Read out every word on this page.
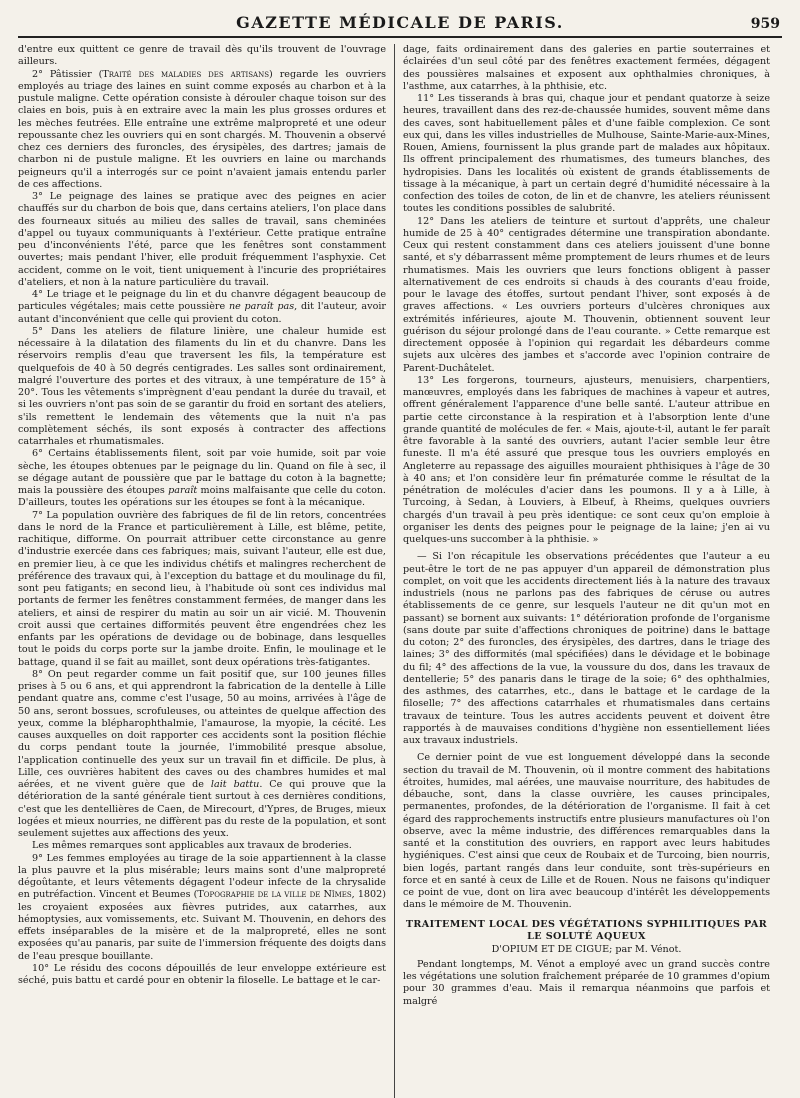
GAZETTE MÉDICALE DE PARIS.	959

d'entre eux quittent ce genre de travail dès qu'ils trouvent de l'ouvrage ailleurs.

2° Pâtissier (Traité des maladies des artisans) regarde les ouvriers employés au triage des laines en suint comme exposés au charbon et à la pustule maligne. Cette opération consiste à dérouler chaque toison sur des claies en bois, puis à en extraire avec la main les plus grosses ordures et les mèches feutrées. Elle entraîne une extrême malpropreté et une odeur repoussante chez les ouvriers qui en sont chargés. M. Thouvenin a observé chez ces derniers des furoncles, des érysipèles, des dartres; jamais de charbon ni de pustule maligne. Et les ouvriers en laine ou marchands peigneurs qu'il a interrogés sur ce point n'avaient jamais entendu parler de ces affections.

3° Le peignage des laines se pratique avec des peignes en acier chauffés sur du charbon de bois que, dans certains ateliers, l'on place dans des fourneaux situés au milieu des salles de travail, sans cheminées d'appel ou tuyaux communiquants à l'extérieur. Cette pratique entraîne peu d'inconvénients l'été, parce que les fenêtres sont constamment ouvertes; mais pendant l'hiver, elle produit fréquemment l'asphyxie. Cet accident, comme on le voit, tient uniquement à l'incurie des propriétaires d'ateliers, et non à la nature particulière du travail.

4° Le triage et le peignage du lin et du chanvre dégagent beaucoup de particules végétales; mais cette poussière ne paraît pas, dit l'auteur, avoir autant d'inconvénient que celle qui provient du coton.

5° Dans les ateliers de filature linière, une chaleur humide est nécessaire à la dilatation des filaments du lin et du chanvre. Dans les réservoirs remplis d'eau que traversent les fils, la température est quelquefois de 40 à 50 degrés centigrades. Les salles sont ordinairement, malgré l'ouverture des portes et des vitraux, à une température de 15° à 20°. Tous les vêtements s'imprègnent d'eau pendant la durée du travail, et si les ouvriers n'ont pas soin de se garantir du froid en sortant des ateliers, s'ils remettent le lendemain des vêtements que la nuit n'a pas complètement séchés, ils sont exposés à contracter des affections catarrhales et rhumatismales.

6° Certains établissements filent, soit par voie humide, soit par voie sèche, les étoupes obtenues par le peignage du lin. Quand on file à sec, il se dégage autant de poussière que par le battage du coton à la bagnette; mais la poussière des étoupes paraît moins malfaisante que celle du coton. D'ailleurs, toutes les opérations sur les étoupes se font à la mécanique.

7° La population ouvrière des fabriques de fil de lin retors, concentrées dans le nord de la France et particulièrement à Lille, est blême, petite, rachitique, difforme. On pourrait attribuer cette circonstance au genre d'industrie exercée dans ces fabriques; mais, suivant l'auteur, elle est due, en premier lieu, à ce que les individus chétifs et malingres recherchent de préférence des travaux qui, à l'exception du battage et du moulinage du fil, sont peu fatigants; en second lieu, à l'habitude où sont ces individus mal portants de fermer les fenêtres constamment fermées, de manger dans les ateliers, et ainsi de respirer du matin au soir un air vicié. M. Thouvenin croit aussi que certaines difformités peuvent être engendrées chez les enfants par les opérations de devidage ou de bobinage, dans lesquelles tout le poids du corps porte sur la jambe droite. Enfin, le moulinage et le battage, quand il se fait au maillet, sont deux opérations très-fatigantes.

8° On peut regarder comme un fait positif que, sur 100 jeunes filles prises à 5 ou 6 ans, et qui apprendront la fabrication de la dentelle à Lille pendant quatre ans, comme c'est l'usage, 50 au moins, arrivées à l'âge de 50 ans, seront bossues, scrofuleuses, ou atteintes de quelque affection des yeux, comme la blépharophthalmie, l'amaurose, la myopie, la cécité. Les causes auxquelles on doit rapporter ces accidents sont la position fléchie du corps pendant toute la journée, l'immobilité presque absolue, l'application continuelle des yeux sur un travail fin et difficile. De plus, à Lille, ces ouvrières habitent des caves ou des chambres humides et mal aérées, et ne vivent guère que de lait battu. Ce qui prouve que la détérioration de la santé générale tient surtout à ces dernières conditions, c'est que les dentellières de Caen, de Mirecourt, d'Ypres, de Bruges, mieux logées et mieux nourries, ne diffèrent pas du reste de la population, et sont seulement sujettes aux affections des yeux.

Les mêmes remarques sont applicables aux travaux de broderies.

9° Les femmes employées au tirage de la soie appartiennent à la classe la plus pauvre et la plus misérable; leurs mains sont d'une malpropreté dégoûtante, et leurs vêtements dégagent l'odeur infecte de la chrysalide en putréfaction. Vincent et Beumes (Topographie de la ville de Nîmes, 1802) les croyaient exposées aux fièvres putrides, aux catarrhes, aux hémoptysies, aux vomissements, etc. Suivant M. Thouvenin, en dehors des effets inséparables de la misère et de la malpropreté, elles ne sont exposées qu'au panaris, par suite de l'immersion fréquente des doigts dans de l'eau presque bouillante.

10° Le résidu des cocons dépouillés de leur enveloppe extérieure est séché, puis battu et cardé pour en obtenir la filoselle. Le battage et le car-

dage, faits ordinairement dans des galeries en partie souterraines et éclairées d'un seul côté par des fenêtres exactement fermées, dégagent des poussières malsaines et exposent aux ophthalmies chroniques, à l'asthme, aux catarrhes, à la phthisie, etc.

11° Les tisserands à bras qui, chaque jour et pendant quatorze à seize heures, travaillent dans des rez-de-chaussée humides, souvent même dans des caves, sont habituellement pâles et d'une faible complexion. Ce sont eux qui, dans les villes industrielles de Mulhouse, Sainte-Marie-aux-Mines, Rouen, Amiens, fournissent la plus grande part de malades aux hôpitaux. Ils offrent principalement des rhumatismes, des tumeurs blanches, des hydropisies. Dans les localités où existent de grands établissements de tissage à la mécanique, à part un certain degré d'humidité nécessaire à la confection des toiles de coton, de lin et de chanvre, les ateliers réunissent toutes les conditions possibles de salubrité.

12° Dans les ateliers de teinture et surtout d'apprêts, une chaleur humide de 25 à 40° centigrades détermine une transpiration abondante. Ceux qui restent constamment dans ces ateliers jouissent d'une bonne santé, et s'y débarrassent même promptement de leurs rhumes et de leurs rhumatismes. Mais les ouvriers que leurs fonctions obligent à passer alternativement de ces endroits si chauds à des courants d'eau froide, pour le lavage des étoffes, surtout pendant l'hiver, sont exposés à de graves affections. « Les ouvriers porteurs d'ulcères chroniques aux extrémités inférieures, ajoute M. Thouvenin, obtiennent souvent leur guérison du séjour prolongé dans de l'eau courante. » Cette remarque est directement opposée à l'opinion qui regardait les débardeurs comme sujets aux ulcères des jambes et s'accorde avec l'opinion contraire de Parent-Duchâtelet.

13° Les forgerons, tourneurs, ajusteurs, menuisiers, charpentiers, manœuvres, employés dans les fabriques de machines à vapeur et autres, offrent généralement l'apparence d'une belle santé. L'auteur attribue en partie cette circonstance à la respiration et à l'absorption lente d'une grande quantité de molécules de fer. « Mais, ajoute-t-il, autant le fer paraît être favorable à la santé des ouvriers, autant l'acier semble leur être funeste. Il m'a été assuré que presque tous les ouvriers employés en Angleterre au repassage des aiguilles mouraient phthisiques à l'âge de 30 à 40 ans; et l'on considère leur fin prématurée comme le résultat de la pénétration de molécules d'acier dans les poumons. Il y a à Lille, à Turcoing, à Sedan, à Louviers, à Elbeuf, à Rheims, quelques ouvriers chargés d'un travail à peu près identique: ce sont ceux qu'on emploie à organiser les dents des peignes pour le peignage de la laine; j'en ai vu quelques-uns succomber à la phthisie. »

— Si l'on récapitule les observations précédentes que l'auteur a eu peut-être le tort de ne pas appuyer d'un appareil de démonstration plus complet, on voit que les accidents directement liés à la nature des travaux industriels (nous ne parlons pas des fabriques de céruse ou autres établissements de ce genre, sur lesquels l'auteur ne dit qu'un mot en passant) se bornent aux suivants: 1° détérioration profonde de l'organisme (sans doute par suite d'affections chroniques de poitrine) dans le battage du coton; 2° des furoncles, des érysipèles, des dartres, dans le triage des laines; 3° des difformités (mal spécifiées) dans le dévidage et le bobinage du fil; 4° des affections de la vue, la voussure du dos, dans les travaux de dentellerie; 5° des panaris dans le tirage de la soie; 6° des ophthalmies, des asthmes, des catarrhes, etc., dans le battage et le cardage de la filoselle; 7° des affections catarrhales et rhumatismales dans certains travaux de teinture. Tous les autres accidents peuvent et doivent être rapportés à de mauvaises conditions d'hygiène non essentiellement liées aux travaux industriels.

Ce dernier point de vue est longuement développé dans la seconde section du travail de M. Thouvenin, où il montre comment des habitations étroites, humides, mal aérées, une mauvaise nourriture, des habitudes de débauche, sont, dans la classe ouvrière, les causes principales, permanentes, profondes, de la détérioration de l'organisme. Il fait à cet égard des rapprochements instructifs entre plusieurs manufactures où l'on observe, avec la même industrie, des différences remarquables dans la santé et la constitution des ouvriers, en rapport avec leurs habitudes hygiéniques. C'est ainsi que ceux de Roubaix et de Turcoing, bien nourris, bien logés, partant rangés dans leur conduite, sont très-supérieurs en force et en santé à ceux de Lille et de Rouen. Nous ne faisons qu'indiquer ce point de vue, dont on lira avec beaucoup d'intérêt les développements dans le mémoire de M. Thouvenin.

TRAITEMENT LOCAL DES VÉGÉTATIONS SYPHILITIQUES PAR LE SOLUTÉ AQUEUX
D'OPIUM ET DE CIGUE; par M. Vénot.

Pendant longtemps, M. Vénot a employé avec un grand succès contre les végétations une solution fraîchement préparée de 10 grammes d'opium pour 30 grammes d'eau. Mais il remarqua néanmoins que parfois et malgré
